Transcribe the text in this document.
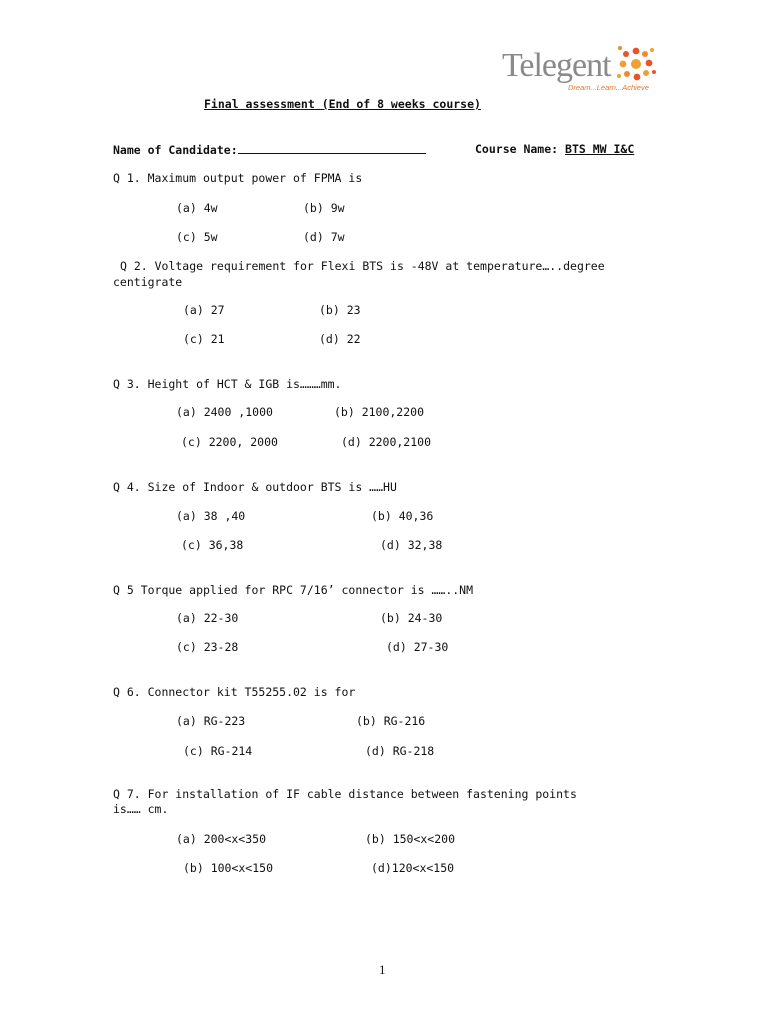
Telegent
Dream...Learn...Achieve
Final assessment (End of 8 weeks course)
Name of Candidate:	Course Name: BTS MW I&C
Q 1. Maximum output power of FPMA is
(a) 4w	(b) 9w
(c) 5w	(d) 7w
Q 2. Voltage requirement for Flexi BTS is -48V at temperature…..degree
centigrate
(a) 27	(b) 23
(c) 21	(d) 22
Q 3. Height of HCT & IGB is………mm.
(a) 2400 ,1000	(b) 2100,2200
(c) 2200, 2000	(d) 2200,2100
Q 4. Size of Indoor & outdoor BTS is ……HU
(a) 38 ,40	(b) 40,36
(c) 36,38	(d) 32,38
Q 5 Torque applied for RPC 7/16’ connector is ……..NM
(a) 22-30	(b) 24-30
(c) 23-28	(d) 27-30
Q 6. Connector kit T55255.02 is for
(a) RG-223	(b) RG-216
(c) RG-214	(d) RG-218
Q 7. For installation of IF cable distance between fastening points
is…… cm.
(a) 200<x<350	(b) 150<x<200
(b) 100<x<150	(d)120<x<150
1
